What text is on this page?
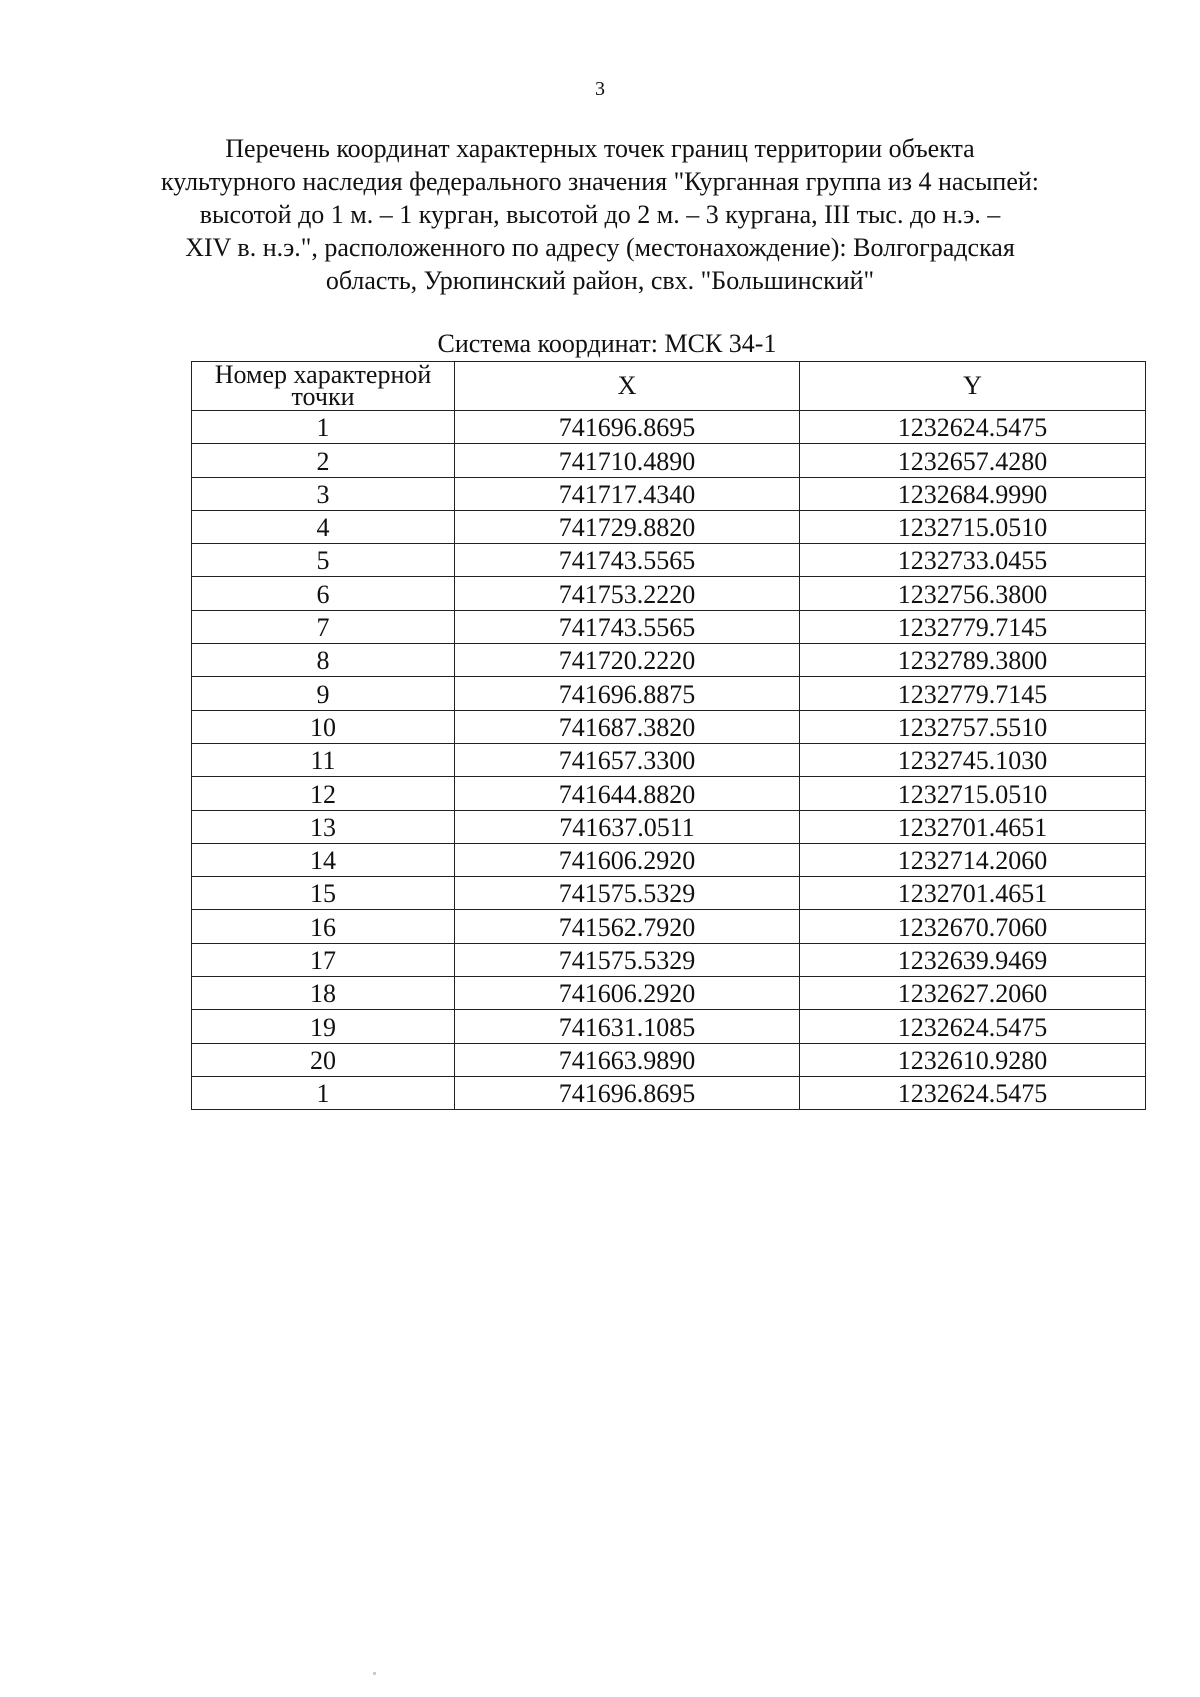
3
Перечень координат характерных точек границ территории объекта
культурного наследия федерального значения "Курганная группа из 4 насыпей:
высотой до 1 м. – 1 курган, высотой до 2 м. – 3 кургана, III тыс. до н.э. –
XIV в. н.э.", расположенного по адресу (местонахождение): Волгоградская
область, Урюпинский район, свх. "Большинский"
Система координат: МСК 34-1
Номер характерной
точки	X	Y
1	741696.8695	1232624.5475
2	741710.4890	1232657.4280
3	741717.4340	1232684.9990
4	741729.8820	1232715.0510
5	741743.5565	1232733.0455
6	741753.2220	1232756.3800
7	741743.5565	1232779.7145
8	741720.2220	1232789.3800
9	741696.8875	1232779.7145
10	741687.3820	1232757.5510
11	741657.3300	1232745.1030
12	741644.8820	1232715.0510
13	741637.0511	1232701.4651
14	741606.2920	1232714.2060
15	741575.5329	1232701.4651
16	741562.7920	1232670.7060
17	741575.5329	1232639.9469
18	741606.2920	1232627.2060
19	741631.1085	1232624.5475
20	741663.9890	1232610.9280
1	741696.8695	1232624.5475
